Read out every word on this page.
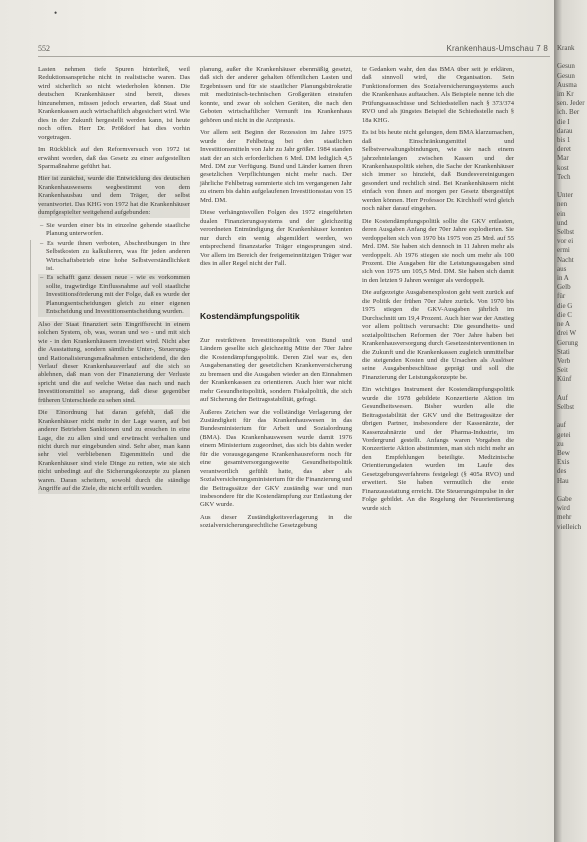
•
552	Krankenhaus-Umschau 7 8

Lasten nehmen tiefe Spuren hinterließ, weil Reduktionsansprüche nicht in realistische waren. Das wird sicherlich so nicht wiederholen können. Die deutschen Krankenhäuser sind bereit, dieses hinzunehmen, müssen jedoch erwarten, daß Staat und Krankenkassen auch wirtschaftlich abgesichert wird. Wie dies in der Zukunft hergestellt werden kann, ist heute noch offen. Herr Dr. Prößdorf hat dies vorhin vorgetragen.

Im Rückblick auf den Reformversuch von 1972 ist erwähnt worden, daß das Gesetz zu einer aufgestellten Sparmaßnahme geführt hat.

Hier ist zunächst, wurde die Entwicklung des deutschen Krankenhauswesens wegbestimmt von dem Krankenhausbau und dem Träger, der selbst verantwortet. Das KHG von 1972 hat die Krankenhäuser dumpfgespielter weitgehend aufgebunden:

– Sie wurden einer bis in einzelne gehende staatliche Planung unterworfen.
– Es wurde ihnen verboten, Abschreibungen in ihre Selbstkosten zu kalkulieren, was für jeden anderen Wirtschaftsbetrieb eine hohe Selbstverständlichkeit ist.
– Es schafft ganz dessen neue - wie es vorkommen sollte, tragwürdige Einflussnahme auf voll staatliche Investitionsförderung mit der Folge, daß es wurde der Planungsentscheidungen gleich zu einer eigenen Entscheidung und Investitionsentscheidung wurden.

Also der Staat finanziert sein Eingriffsrecht in einem solchen System, ob, was, woran und wo - und mit sich wie - in den Krankenhäusern investiert wird. Nicht aber die Ausstattung, sondern sämtliche Unter-, Steuerungs- und Rationalisierungsmaßnahmen entscheidend, die den Verlauf dieser Krankenhausverlauf auf die sich so ablehnen, daß man von der Finanzierung der Verluste spricht und die auf welche Weise das nach und nach Investitionsmittel so ansprang, daß diese gegenüber früheren Unterschiede zu sehen sind.

Die Einordnung hat daran gefehlt, daß die Krankenhäuser nicht mehr in der Lage waren, auf bei anderer Betrieben Sanktionen und zu ersuchen in eine Lage, die zu allen sind und erwünscht verhalten und nicht durch nur eingebunden sind. Sehr aber, man kann sehr viel verbliebenen Eigenmitteln und die Krankenhäuser sind viele Dinge zu retten, wie sie sich nicht unbedingt auf die Sicherungskonzepte zu planen waren. Daran scheitern, sowohl durch die ständige Angriffe auf die Ziele, die nicht erfüllt wurden.

planung, außer die Krankenhäuser ebenmäßig gesetzt, daß sich der anderer gehalten öffentlichen Lasten und Ergebnissen und für sie staatlicher Planungsbürokratie mit medizinisch-technischen Großgeräten einstufen konnte, und zwar ob solchen Geräten, die nach den Geboten wirtschaftlicher Vernunft ins Krankenhaus gehören und nicht in die Arztpraxis.

Vor allem seit Beginn der Rezession im Jahre 1975 wurde der Fehlbetrag bei den staatlichen Investitionsmitteln von Jahr zu Jahr größer. 1984 standen statt der an sich erforderlichen 6 Mrd. DM lediglich 4,5 Mrd. DM zur Verfügung. Bund und Länder kamen ihren gesetzlichen Verpflichtungen nicht mehr nach. Der jährliche Fehlbetrag summierte sich im vergangenen Jahr zu einem bis dahin aufgelaufenen Investitionsstau von 15 Mrd. DM.

Diese verhängnisvollen Folgen des 1972 eingeführten dualen Finanzierungssystems und der gleichzeitig verordneten Entmündigung der Krankenhäuser konnten nur durch ein wenig abgemildert werden, wo entsprechend finanzstarke Träger eingesprungen sind. Vor allem im Bereich der freigemeinnützigen Träger war dies in aller Regel nicht der Fall.

Kostendämpfungspolitik

Zur restriktiven Investitionspolitik von Bund und Ländern gesellte sich gleichzeitig Mitte der 70er Jahre die Kostendämpfungspolitik. Deren Ziel war es, den Ausgabenanstieg der gesetzlichen Krankenversicherung zu bremsen und die Ausgaben wieder an den Einnahmen der Krankenkassen zu orientieren. Auch hier war nicht mehr Gesundheitspolitik, sondern Fiskalpolitik, die sich auf Sicherung der Beitragsstabilität, gefragt.

Äußeres Zeichen war die vollständige Verlagerung der Zuständigkeit für das Krankenhauswesen in das Bundesministerium für Arbeit und Sozialordnung (BMA). Das Krankenhauswesen wurde damit 1976 einem Ministerium zugeordnet, das sich bis dahin weder für die vorausgegangene Krankenhausreform noch für eine gesamtversorgungsweite Gesundheitspolitik verantwortlich gefühlt hatte, das aber als Sozialversicherungsministerium für die Finanzierung und die Beitragssätze der GKV zuständig war und nun insbesondere für die Kostendämpfung zur Entlastung der GKV wurde.

Aus dieser Zuständigkeitsverlagerung in die sozialversicherungsrechtliche Gesetzgebung

te Gedanken wahr, den das BMA über seit je erklären, daß sinnvoll wird, die Organisation. Sein Funktionsformen des Sozialversicherungssystems auch die Krankenhaus auftauchen. Als Beispiele nenne ich die Prüfungsausschüsse und Schiedsstellen nach § 373/374 RVO und als jüngstes Beispiel die Schiedsstelle nach § 18a KHG.

Es ist bis heute nicht gelungen, dem BMA klarzumachen, daß Einschränkungsmittel und Selbstverwaltungsbindungen, wie sie nach einem jahrzehntelangen zwischen Kassen und der Krankenhauspolitik stehen, die Sache der Krankenhäuser sich immer so hinzieht, daß Bundesvereinigungen gesondert und rechtlich sind. Bei Krankenhäusern nicht einfach von ihnen auf morgen per Gesetz übergestülpt werden können. Herr Professor Dr. Kirchhoff wird gleich noch näher darauf eingehen.

Die Kostendämpfungspolitik sollte die GKV entlasten, deren Ausgaben Anfang der 70er Jahre explodierten. Sie verdoppelten sich von 1970 bis 1975 von 25 Mrd. auf 55 Mrd. DM. Sie haben sich dennoch in 11 Jahren mehr als verdoppelt. Ab 1976 stiegen sie noch um mehr als 100 Prozent. Die Ausgaben für die Leistungsausgaben sind sich von 1975 um 105,5 Mrd. DM. Sie haben sich damit in den letzten 9 Jahren weniger als verdoppelt.

Die aufgezeigte Ausgabenexplosion geht weit zurück auf die Politik der frühen 70er Jahre zurück. Von 1970 bis 1975 stiegen die GKV-Ausgaben jährlich im Durchschnitt um 19,4 Prozent. Auch hier war der Anstieg vor allem politisch verursacht: Die gesundheits- und sozialpolitischen Reformen der 70er Jahre haben bei Krankenhausversorgung durch Gesetzesinterventionen in die Zukunft und die Krankenkassen zugleich unmittelbar die steigenden Kosten und die Ursachen als Auslöser seine Ausgabenbeschlüsse geprägt und soll die Finanzierung der Leistungskonzepte be.

Ein wichtiges Instrument der Kostendämpfungspolitik wurde die 1978 gebildete Konzertierte Aktion im Gesundheitswesen. Bisher wurden alle die Beitragsstabilität der GKV und die Beitragssätze der übrigen Partner, insbesondere der Kassenärzte, der Kassenzahnärzte und der Pharma-Industrie, im Vordergrund gestellt. Anfangs waren Vorgaben die Konzertierte Aktion abstimmten, man sich nicht mehr an den Empfehlungen beteiligte. Medizinische Orientierungsdaten wurden im Laufe des Gesetzgebungsverfahrens festgelegt (§ 405a RVO) und erweitert. Sie haben vermutlich die erste Finanzausstattung erreicht. Die Steuerungsimpulse in der Folge gebildet. An die Regelung der Neuorientierung wurde sich

Krank

Gesun
Gesun
Ausma
im Kr
sen. Jeder
ich. Ber
die I
darau
bis 1
deret
Mar
kost
Tech

Unter
nen
ein
und
Selbst
vor ei
ermi
Nacht
aus
in A
Gelb
für
die G
die C
ne A
drei W
Gerung
Stati
Verb
Seit
Künf

Auf
Selbst

auf
getei
zu
Bew
Exis
des
Hau

Gabe
wird
mehr
vielleich
